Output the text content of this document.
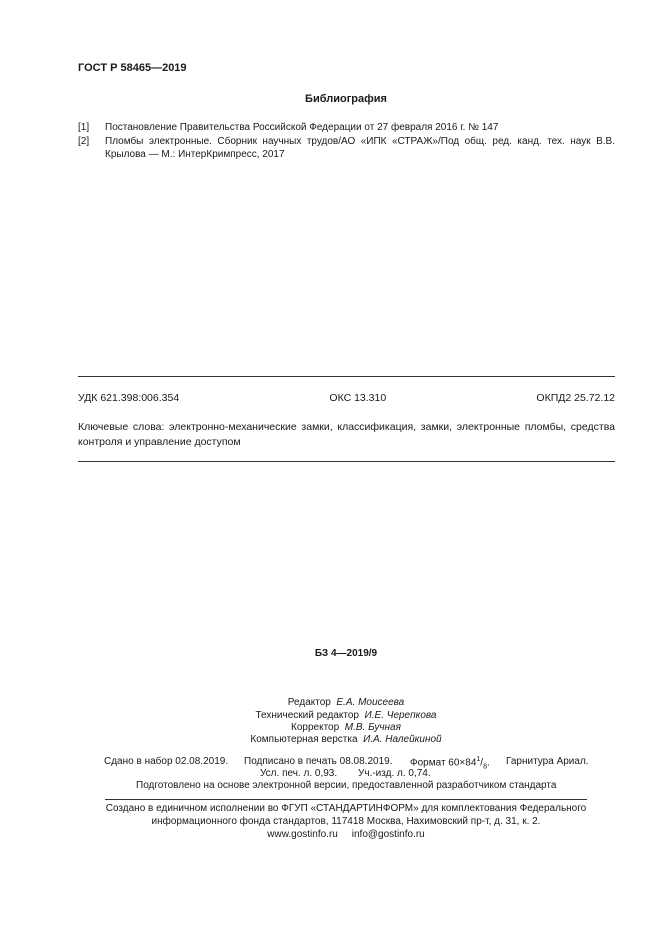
ГОСТ Р 58465—2019
Библиография
[1] Постановление Правительства Российской Федерации от 27 февраля 2016 г. № 147
[2] Пломбы электронные. Сборник научных трудов/АО «ИПК «СТРАЖ»/Под общ. ред. канд. тех. наук В.В. Крылова — М.: ИнтерКримпресс, 2017
УДК 621.398:006.354	ОКС 13.310	ОКПД2 25.72.12
Ключевые слова: электронно-механические замки, классификация, замки, электронные пломбы, средства контроля и управление доступом
БЗ 4—2019/9
Редактор Е.А. Моисеева
Технический редактор И.Е. Черепкова
Корректор М.В. Бучная
Компьютерная верстка И.А. Налейкиной
Сдано в набор 02.08.2019. Подписано в печать 08.08.2019. Формат $60\times 84^1/_8$. Гарнитура Ариал.
Усл. печ. л. 0,93. Уч.-изд. л. 0,74.
Подготовлено на основе электронной версии, предоставленной разработчиком стандарта
Создано в единичном исполнении во ФГУП «СТАНДАРТИНФОРМ» для комплектования Федерального
информационного фонда стандартов, 117418 Москва, Нахимовский пр-т, д. 31, к. 2.
www.gostinfo.ru info@gostinfo.ru
